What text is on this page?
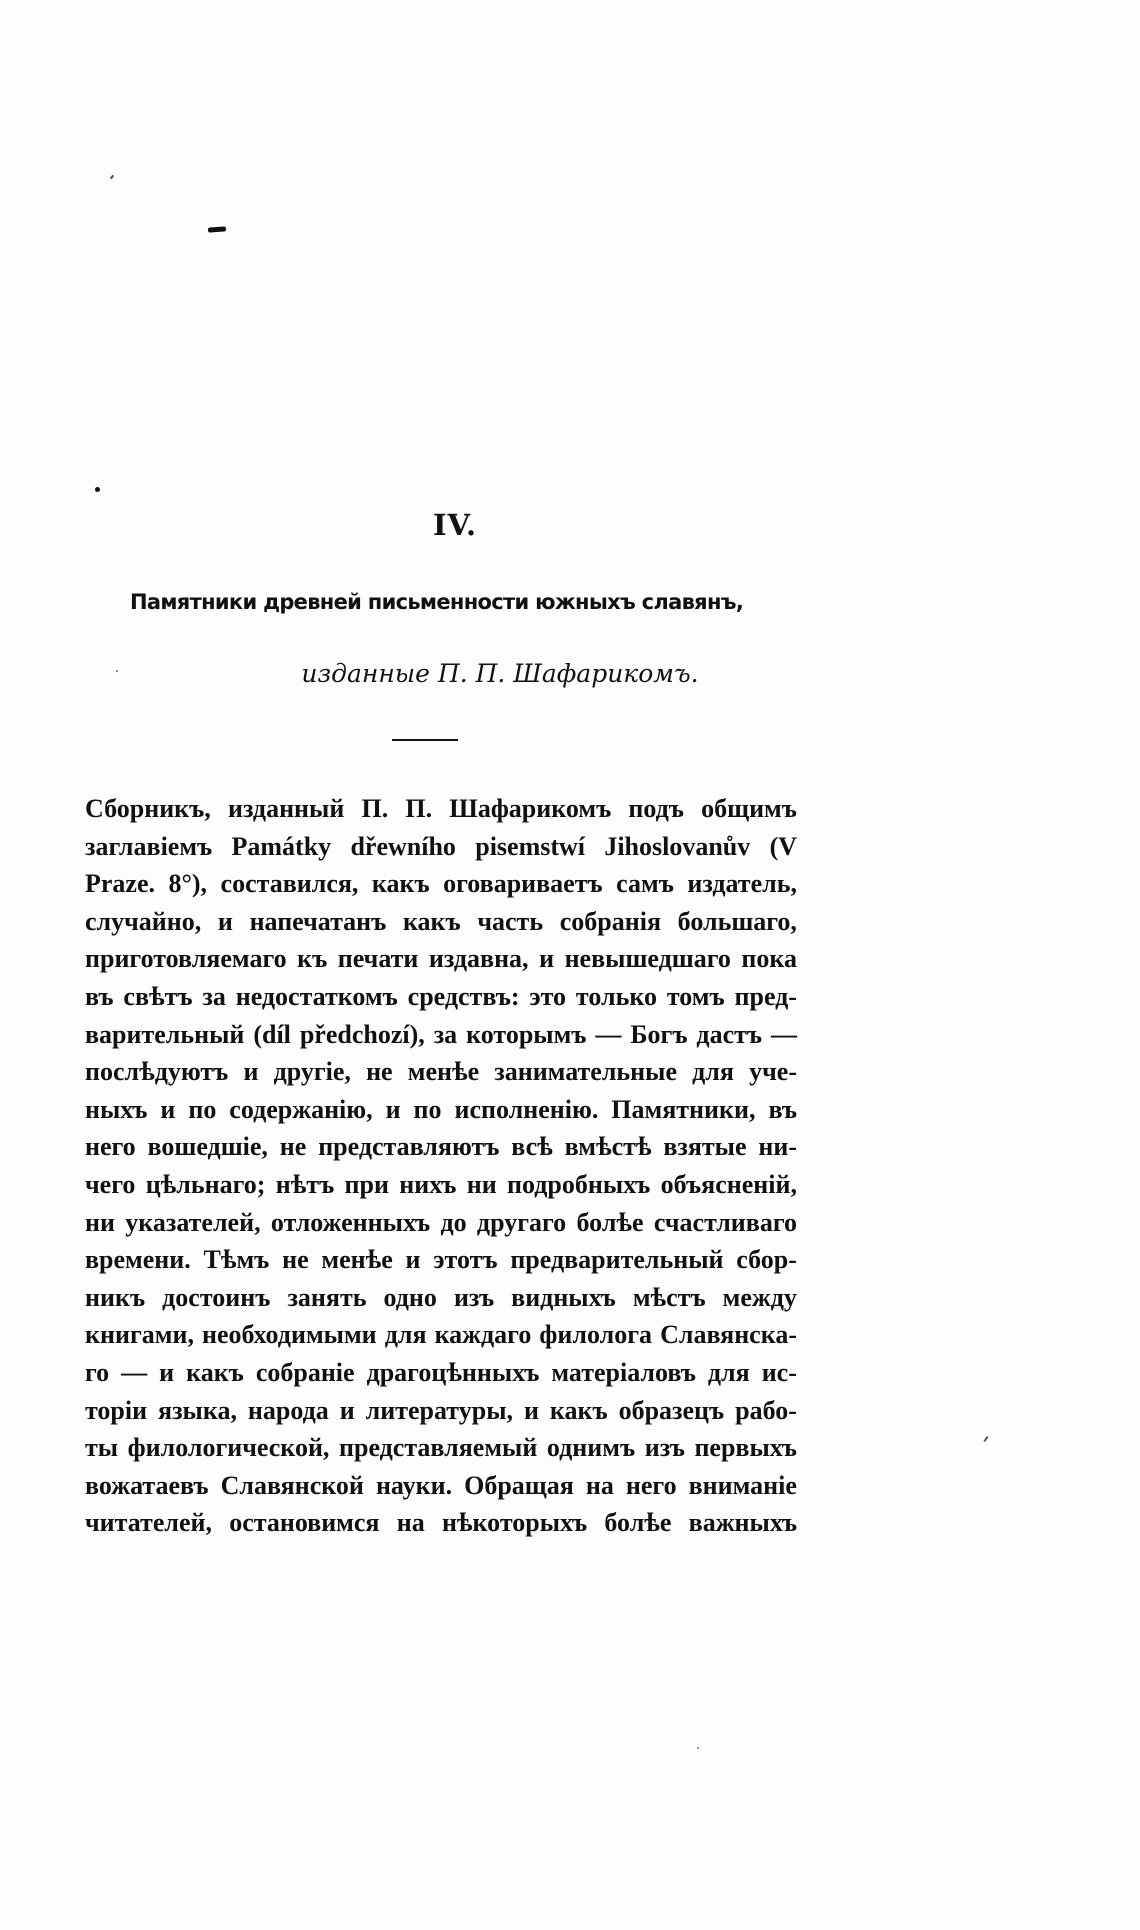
IV.
Памятники древней письменности южныхъ славянъ,
изданные П. П. Шафарикомъ.
Сборникъ, изданный П. П. Шафарикомъ подъ общимъ
заглавіемъ Památky dřewního pisemstwí Jihoslovanův (V
Praze. 8°), составился, какъ оговариваетъ самъ издатель,
случайно, и напечатанъ какъ часть собранія большаго,
приготовляемаго къ печати издавна, и невышедшаго пока
въ свѣтъ за недостаткомъ средствъ: это только томъ пред-
варительный (díl předchozí), за которымъ — Богъ дастъ —
послѣдуютъ и другіе, не менѣе занимательные для уче-
ныхъ и по содержанію, и по исполненію. Памятники, въ
него вошедшіе, не представляютъ всѣ вмѣстѣ взятые ни-
чего цѣльнаго; нѣтъ при нихъ ни подробныхъ объясненій,
ни указателей, отложенныхъ до другаго болѣе счастливаго
времени. Тѣмъ не менѣе и этотъ предварительный сбор-
никъ достоинъ занять одно изъ видныхъ мѣстъ между
книгами, необходимыми для каждаго филолога Славянска-
го — и какъ собраніе драгоцѣнныхъ матеріаловъ для ис-
торіи языка, народа и литературы, и какъ образецъ рабо-
ты филологической, представляемый однимъ изъ первыхъ
вожатаевъ Славянской науки. Обращая на него вниманіе
читателей, остановимся на нѣкоторыхъ болѣе важныхъ
